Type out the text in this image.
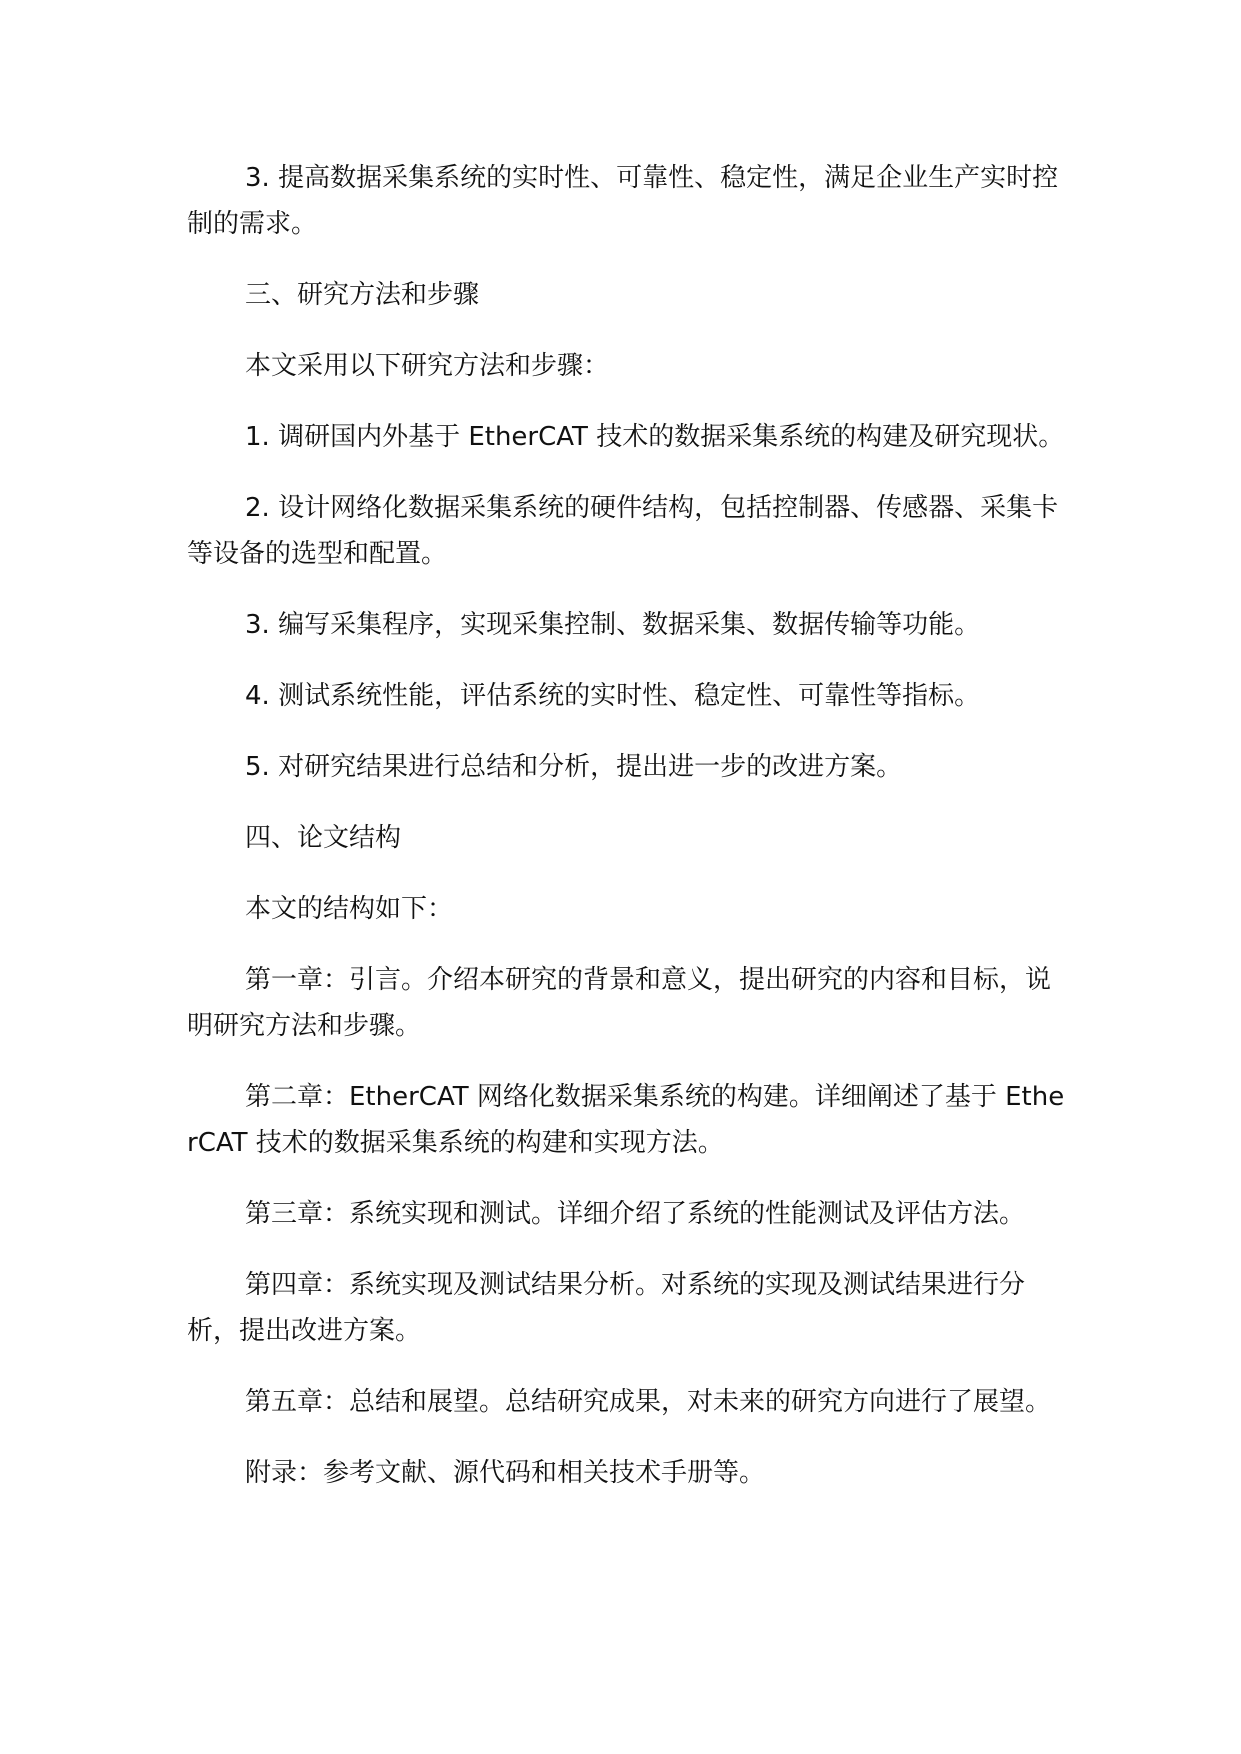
3. 提高数据采集系统的实时性、可靠性、稳定性，满足企业生产实时控制的需求。

三、研究方法和步骤

本文采用以下研究方法和步骤：

1. 调研国内外基于 EtherCAT 技术的数据采集系统的构建及研究现状。

2. 设计网络化数据采集系统的硬件结构，包括控制器、传感器、采集卡等设备的选型和配置。

3. 编写采集程序，实现采集控制、数据采集、数据传输等功能。

4. 测试系统性能，评估系统的实时性、稳定性、可靠性等指标。

5. 对研究结果进行总结和分析，提出进一步的改进方案。

四、论文结构

本文的结构如下：

第一章：引言。介绍本研究的背景和意义，提出研究的内容和目标，说明研究方法和步骤。

第二章：EtherCAT 网络化数据采集系统的构建。详细阐述了基于 EtherCAT 技术的数据采集系统的构建和实现方法。

第三章：系统实现和测试。详细介绍了系统的性能测试及评估方法。

第四章：系统实现及测试结果分析。对系统的实现及测试结果进行分析，提出改进方案。

第五章：总结和展望。总结研究成果，对未来的研究方向进行了展望。

附录：参考文献、源代码和相关技术手册等。
